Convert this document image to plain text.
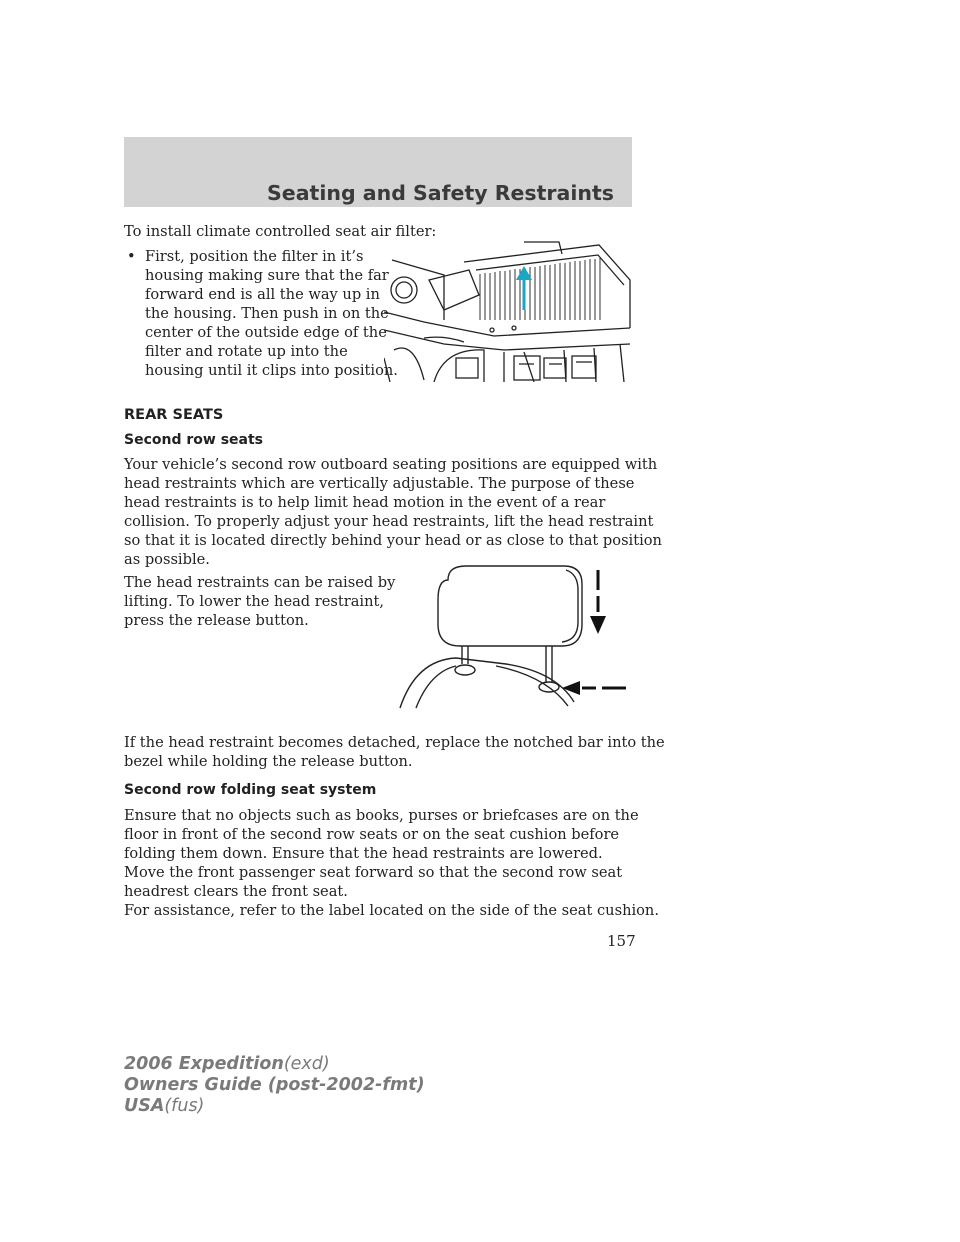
Seating and Safety Restraints

To install climate controlled seat air filter:

• First, position the filter in it’s
housing making sure that the far
forward end is all the way up in
the housing. Then push in on the
center of the outside edge of the
filter and rotate up into the
housing until it clips into position.
REAR SEATS
Second row seats
Your vehicle’s second row outboard seating positions are equipped with
head restraints which are vertically adjustable. The purpose of these
head restraints is to help limit head motion in the event of a rear
collision. To properly adjust your head restraints, lift the head restraint
so that it is located directly behind your head or as close to that position
as possible.
The head restraints can be raised by
lifting. To lower the head restraint,
press the release button.
If the head restraint becomes detached, replace the notched bar into the
bezel while holding the release button.
Second row folding seat system
Ensure that no objects such as books, purses or briefcases are on the
floor in front of the second row seats or on the seat cushion before
folding them down. Ensure that the head restraints are lowered.
Move the front passenger seat forward so that the second row seat
headrest clears the front seat.

For assistance, refer to the label located on the side of the seat cushion.

157
2006 Expedition(exd)
Owners Guide (post-2002-fmt)
USA(fus)
